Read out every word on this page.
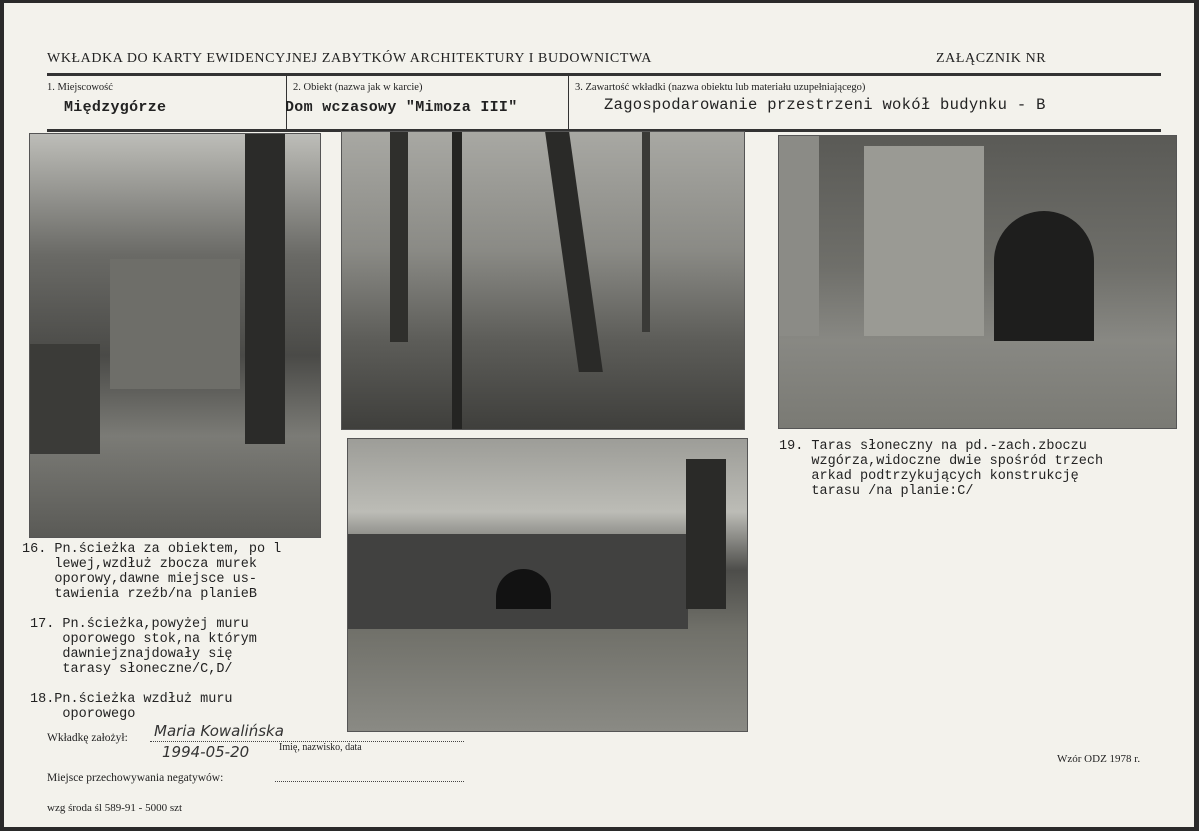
WKŁADKA DO KARTY EWIDENCYJNEJ ZABYTKÓW ARCHITEKTURY I BUDOWNICTWA	ZAŁĄCZNIK NR
1. Miejscowość
Międzygórze
2. Obiekt (nazwa jak w karcie)
Dom wczasowy "Mimoza III"
3. Zawartość wkładki (nazwa obiektu lub materiału uzupełniającego)
Zagospodarowanie przestrzeni wokół budynku - B
16. Pn.ścieżka za obiektem, po l
lewej,wzdłuż zbocza murek
oporowy,dawne miejsce us-
tawienia rzeźb/na planieB
17. Pn.ścieżka,powyżej muru
oporowego stok,na którym
dawniejznajdowały się
tarasy słoneczne/C,D/
18.Pn.ścieżka wzdłuż muru
oporowego
19. Taras słoneczny na pd.-zach.zboczu
wzgórza,widoczne dwie spośród trzech
arkad podtrzykujących konstrukcję
tarasu /na planie:C/
Wkładkę założył: Maria Kowalińska
1994-05-20	Imię, nazwisko, data
Miejsce przechowywania negatywów:
wzg środa śl 589-91 - 5000 szt
Wzór ODZ 1978 r.
